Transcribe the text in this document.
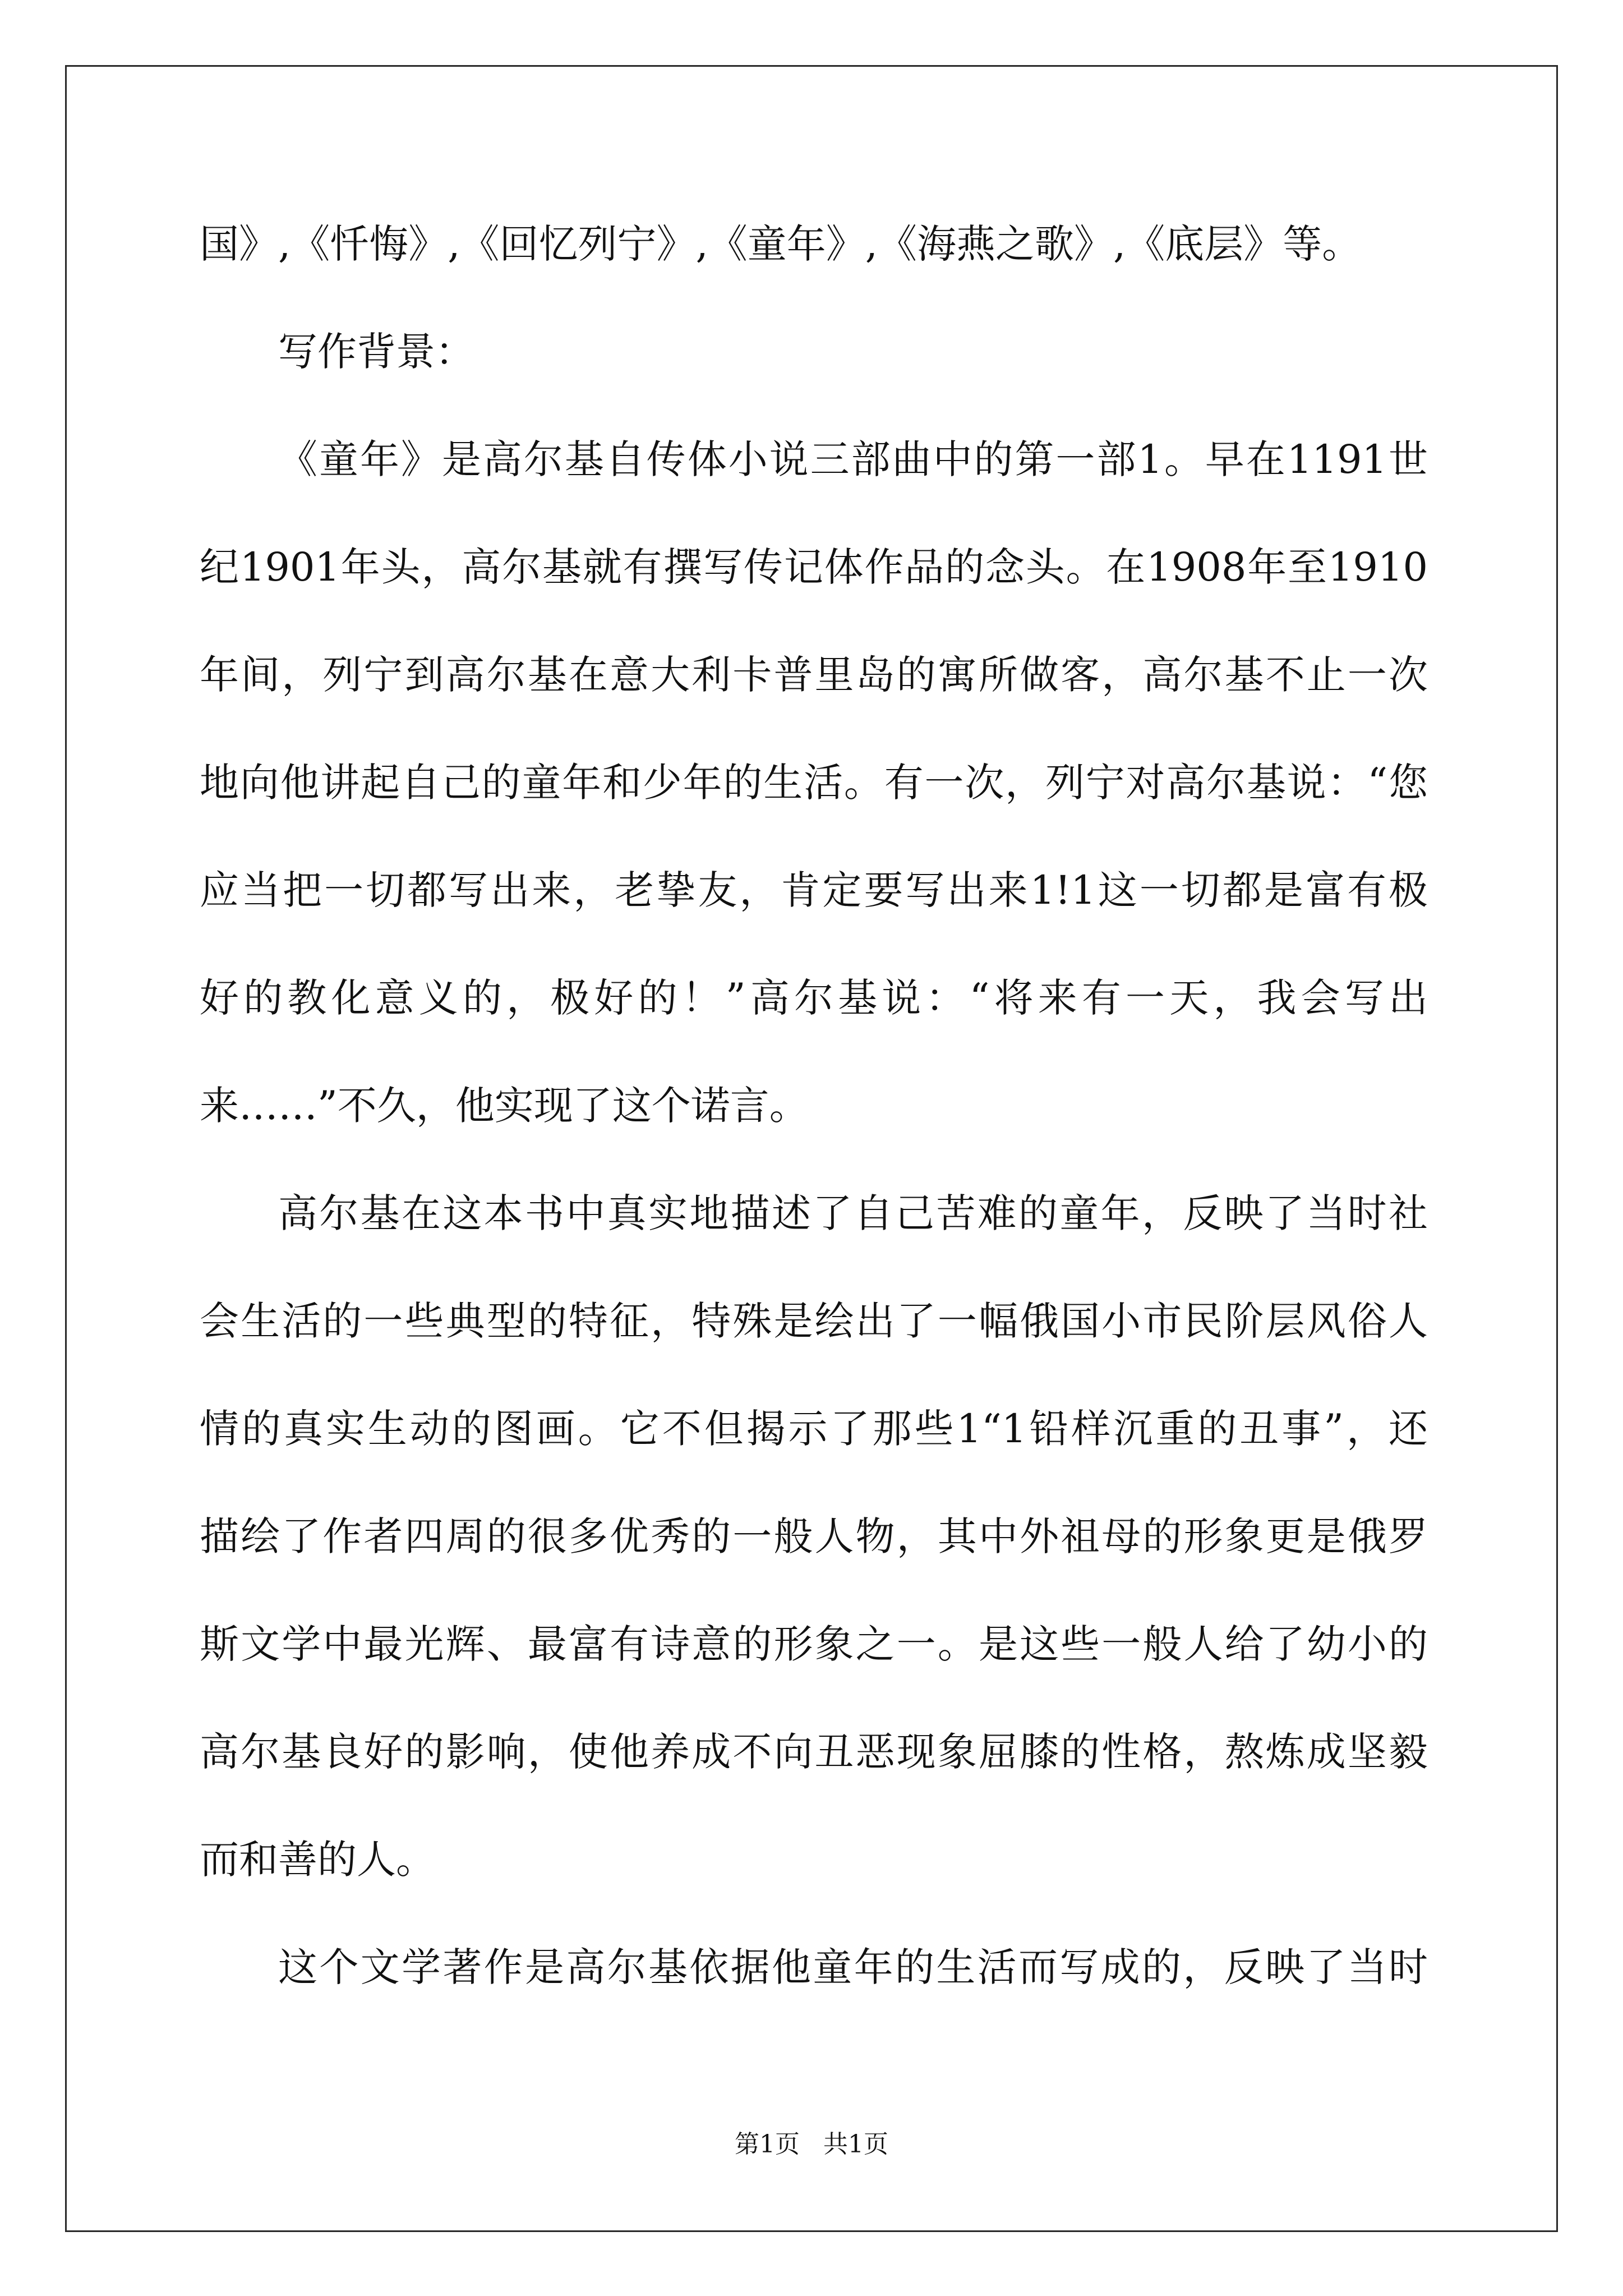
国》,《忏悔》,《回忆列宁》,《童年》,《海燕之歌》,《底层》等。
写作背景：
《童年》是高尔基自传体小说三部曲中的第一部1。早在1191世
纪1901年头，高尔基就有撰写传记体作品的念头。在1908年至1910
年间，列宁到高尔基在意大利卡普里岛的寓所做客，高尔基不止一次
地向他讲起自己的童年和少年的生活。有一次，列宁对高尔基说：“您
应当把一切都写出来，老挚友，肯定要写出来1!1这一切都是富有极
好的教化意义的，极好的！”高尔基说：“将来有一天，我会写出
来……”不久，他实现了这个诺言。
高尔基在这本书中真实地描述了自己苦难的童年，反映了当时社
会生活的一些典型的特征，特殊是绘出了一幅俄国小市民阶层风俗人
情的真实生动的图画。它不但揭示了那些1“1铅样沉重的丑事”，还
描绘了作者四周的很多优秀的一般人物，其中外祖母的形象更是俄罗
斯文学中最光辉、最富有诗意的形象之一。是这些一般人给了幼小的
高尔基良好的影响，使他养成不向丑恶现象屈膝的性格，熬炼成坚毅
而和善的人。
这个文学著作是高尔基依据他童年的生活而写成的，反映了当时
第1页   共1页
